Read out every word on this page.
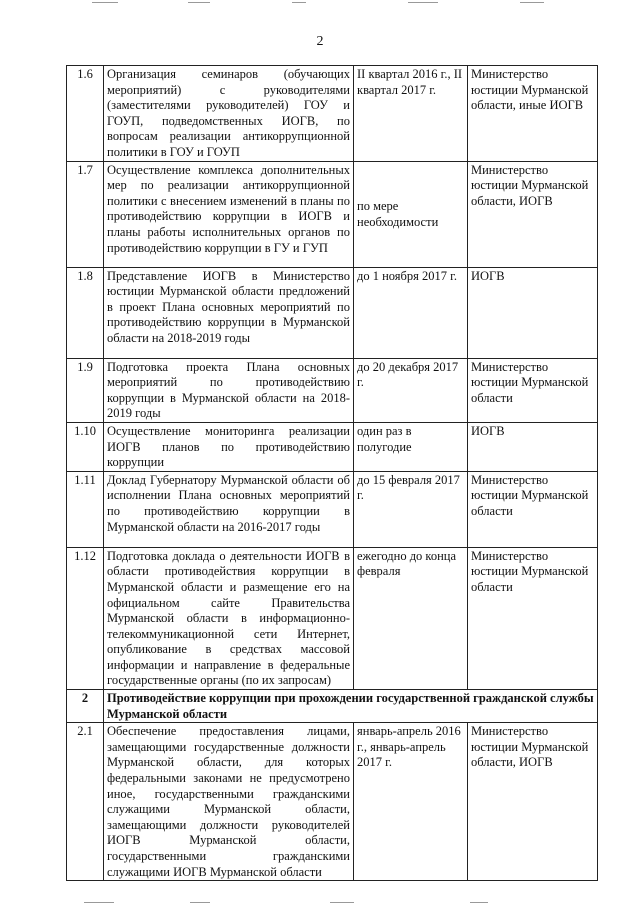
2
1.6	Организация семинаров (обучающих мероприятий) с руководителями (заместителями руководителей) ГОУ и ГОУП, подведомственных ИОГВ, по вопросам реализации антикоррупционной политики в ГОУ и ГОУП	II квартал 2016 г., II квартал 2017 г.	Министерство юстиции Мурманской области, иные ИОГВ
1.7	Осуществление комплекса дополнительных мер по реализации антикоррупционной политики с внесением изменений в планы по противодействию коррупции в ИОГВ и планы работы исполнительных органов по противодействию коррупции в ГУ и ГУП	по мере необходимости	Министерство юстиции Мурманской области, ИОГВ
1.8	Представление ИОГВ в Министерство юстиции Мурманской области предложений в проект Плана основных мероприятий по противодействию коррупции в Мурманской области на 2018-2019 годы	до 1 ноября 2017 г.	ИОГВ
1.9	Подготовка проекта Плана основных мероприятий по противодействию коррупции в Мурманской области на 2018-2019 годы	до 20 декабря 2017 г.	Министерство юстиции Мурманской области
1.10	Осуществление мониторинга реализации ИОГВ планов по противодействию коррупции	один раз в полугодие	ИОГВ
1.11	Доклад Губернатору Мурманской области об исполнении Плана основных мероприятий по противодействию коррупции в Мурманской области на 2016-2017 годы	до 15 февраля 2017 г.	Министерство юстиции Мурманской области
1.12	Подготовка доклада о деятельности ИОГВ в области противодействия коррупции в Мурманской области и размещение его на официальном сайте Правительства Мурманской области в информационно-телекоммуникационной сети Интернет, опубликование в средствах массовой информации и направление в федеральные государственные органы (по их запросам)	ежегодно до конца февраля	Министерство юстиции Мурманской области
2	Противодействие коррупции при прохождении государственной гражданской службы Мурманской области		
2.1	Обеспечение предоставления лицами, замещающими государственные должности Мурманской области, для которых федеральными законами не предусмотрено иное, государственными гражданскими служащими Мурманской области, замещающими должности руководителей ИОГВ Мурманской области, государственными гражданскими служащими ИОГВ Мурманской области	январь-апрель 2016 г., январь-апрель 2017 г.	Министерство юстиции Мурманской области, ИОГВ
